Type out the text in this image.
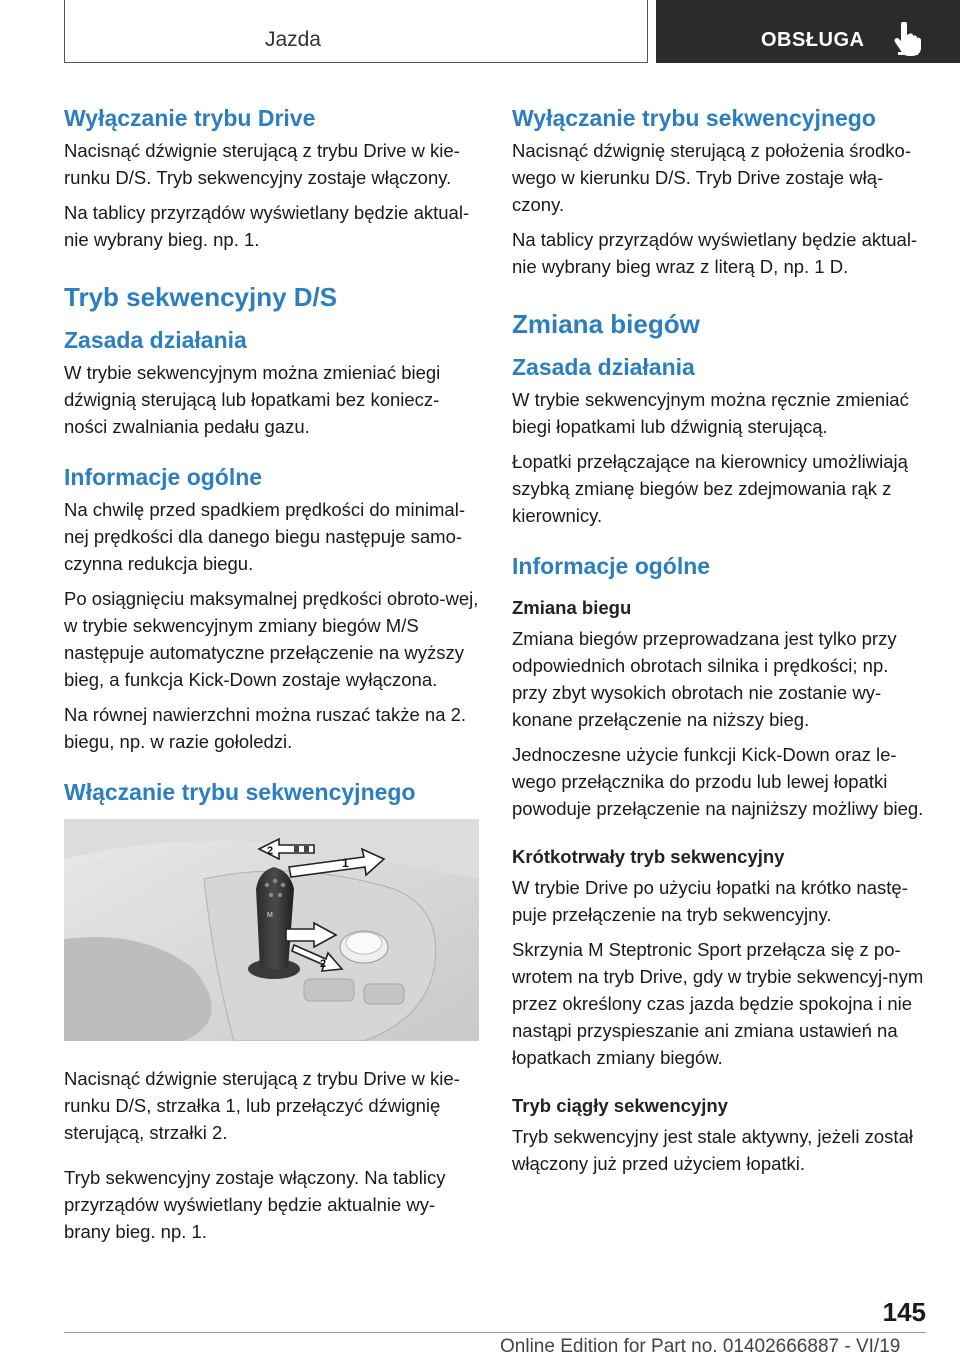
Jazda	OBSŁUGA
Wyłączanie trybu Drive

Nacisnąć dźwignie sterującą z trybu Drive w kie-runku D/S. Tryb sekwencyjny zostaje włączony.

Na tablicy przyrządów wyświetlany będzie aktual-nie wybrany bieg. np. 1.

Tryb sekwencyjny D/S
Zasada działania

W trybie sekwencyjnym można zmieniać biegi dźwignią sterującą lub łopatkami bez koniecz-ności zwalniania pedału gazu.

Informacje ogólne

Na chwilę przed spadkiem prędkości do minimal-nej prędkości dla danego biegu następuje samo-czynna redukcja biegu.

Po osiągnięciu maksymalnej prędkości obroto-wej, w trybie sekwencyjnym zmiany biegów M/S następuje automatyczne przełączenie na wyższy bieg, a funkcja Kick-Down zostaje wyłączona.

Na równej nawierzchni można ruszać także na 2. biegu, np. w razie gołoledzi.

Włączanie trybu sekwencyjnego
M
2
1
2

Nacisnąć dźwignie sterującą z trybu Drive w kie-runku D/S, strzałka 1, lub przełączyć dźwignię sterującą, strzałki 2.

Tryb sekwencyjny zostaje włączony. Na tablicy przyrządów wyświetlany będzie aktualnie wy-brany bieg. np. 1.

Wyłączanie trybu sekwencyjnego

Nacisnąć dźwignię sterującą z położenia środko-wego w kierunku D/S. Tryb Drive zostaje włą-czony.

Na tablicy przyrządów wyświetlany będzie aktual-nie wybrany bieg wraz z literą D, np. 1 D.

Zmiana biegów
Zasada działania

W trybie sekwencyjnym można ręcznie zmieniać biegi łopatkami lub dźwignią sterującą.

Łopatki przełączające na kierownicy umożliwiają szybką zmianę biegów bez zdejmowania rąk z kierownicy.

Informacje ogólne
Zmiana biegu

Zmiana biegów przeprowadzana jest tylko przy odpowiednich obrotach silnika i prędkości; np. przy zbyt wysokich obrotach nie zostanie wy-konane przełączenie na niższy bieg.

Jednoczesne użycie funkcji Kick-Down oraz le-wego przełącznika do przodu lub lewej łopatki powoduje przełączenie na najniższy możliwy bieg.

Krótkotrwały tryb sekwencyjny

W trybie Drive po użyciu łopatki na krótko nastę-puje przełączenie na tryb sekwencyjny.

Skrzynia M Steptronic Sport przełącza się z po-wrotem na tryb Drive, gdy w trybie sekwencyj-nym przez określony czas jazda będzie spokojna i nie nastąpi przyspieszanie ani zmiana ustawień na łopatkach zmiany biegów.

Tryb ciągły sekwencyjny

Tryb sekwencyjny jest stale aktywny, jeżeli został włączony już przed użyciem łopatki.

145
Online Edition for Part no. 01402666887 - VI/19
